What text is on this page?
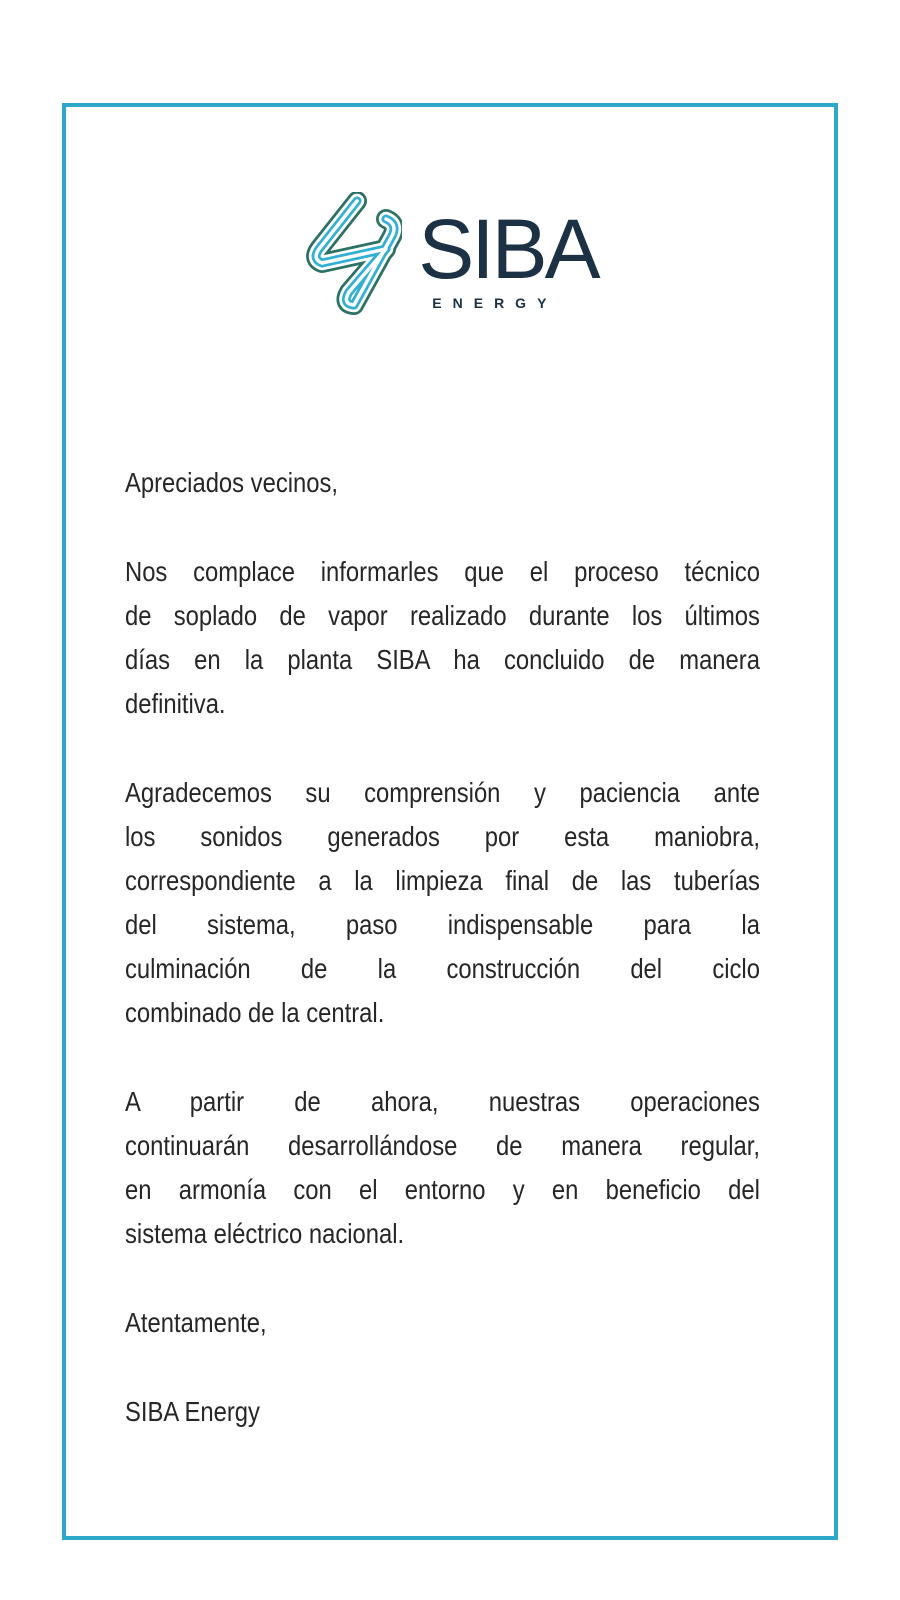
SIBA
ENERGY
Apreciados vecinos,
Nos complace informarles que el proceso técnico
de soplado de vapor realizado durante los últimos
días en la planta SIBA ha concluido de manera
definitiva.
Agradecemos su comprensión y paciencia ante
los sonidos generados por esta maniobra,
correspondiente a la limpieza final de las tuberías
del sistema, paso indispensable para la
culminación de la construcción del ciclo
combinado de la central.
A partir de ahora, nuestras operaciones
continuarán desarrollándose de manera regular,
en armonía con el entorno y en beneficio del
sistema eléctrico nacional.
Atentamente,
SIBA Energy
